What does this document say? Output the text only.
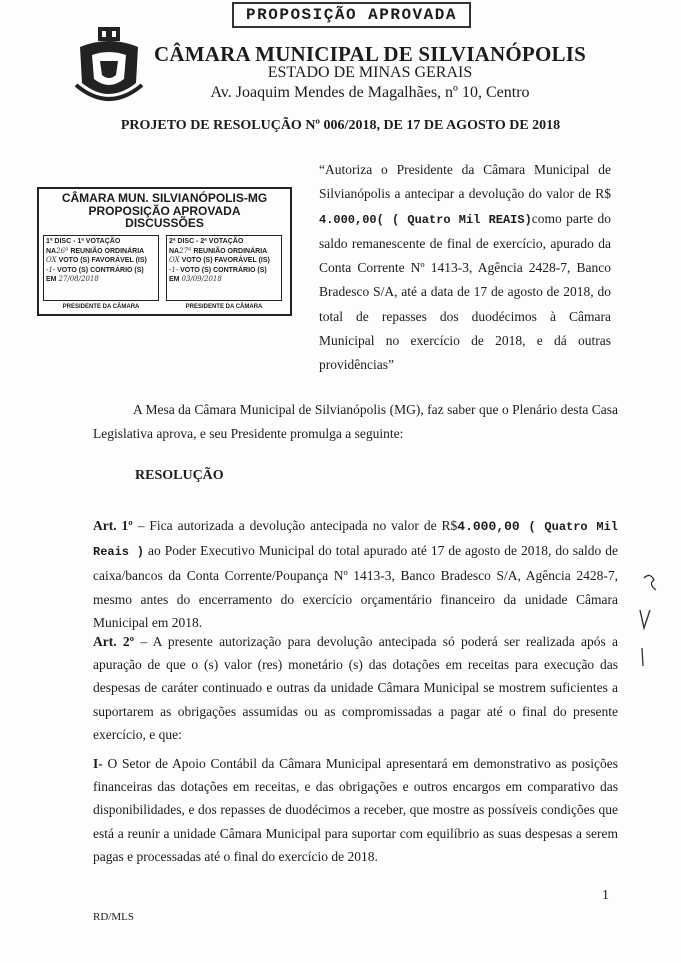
PROPOSIÇÃO APROVADA
CÂMARA MUNICIPAL DE SILVIANÓPOLIS
ESTADO DE MINAS GERAIS
Av. Joaquim Mendes de Magalhães, nº 10, Centro
PROJETO DE RESOLUÇÃO Nº 006/2018, DE 17 DE AGOSTO DE 2018
“Autoriza o Presidente da Câmara Municipal de Silvianópolis a antecipar a devolução do valor de R$ 4.000,00( ( Quatro Mil REAIS)como parte do saldo remanescente de final de exercício, apurado da Conta Corrente Nº 1413-3, Agência 2428-7, Banco Bradesco S/A, até a data de 17 de agosto de 2018, do total de repasses dos duodécimos à Câmara Municipal no exercício de 2018, e dá outras providências”
CÂMARA MUN. SILVIANÓPOLIS-MG
PROPOSIÇÃO APROVADA
DISCUSSÕES
1ª DISC - 1ª VOTAÇÃO
NA26ª REUNIÃO ORDINÁRIA
OX VOTO (S) FAVORÁVEL (IS)
-1- VOTO (S) CONTRÁRIO (S)
EM 27/08/2018
PRESIDENTE DA CÂMARA
2ª DISC - 2ª VOTAÇÃO
NA27ª REUNIÃO ORDINÁRIA
OX VOTO (S) FAVORÁVEL (IS)
-1- VOTO (S) CONTRÁRIO (S)
EM 03/09/2018
PRESIDENTE DA CÂMARA
A Mesa da Câmara Municipal de Silvianópolis (MG), faz saber que o Plenário desta Casa Legislativa aprova, e seu Presidente promulga a seguinte:
RESOLUÇÃO
Art. 1º – Fica autorizada a devolução antecipada no valor de R$4.000,00 ( Quatro Mil Reais ) ao Poder Executivo Municipal do total apurado até 17 de agosto de 2018, do saldo de caixa/bancos da Conta Corrente/Poupança Nº 1413-3, Banco Bradesco S/A, Agência 2428-7, mesmo antes do encerramento do exercício orçamentário financeiro da unidade Câmara Municipal em 2018.
Art. 2º – A presente autorização para devolução antecipada só poderá ser realizada após a apuração de que o (s) valor (res) monetário (s) das dotações em receitas para execução das despesas de caráter continuado e outras da unidade Câmara Municipal se mostrem suficientes a suportarem as obrigações assumidas ou as compromissadas a pagar até o final do presente exercício, e que:
I- O Setor de Apoio Contábil da Câmara Municipal apresentará em demonstrativo as posições financeiras das dotações em receitas, e das obrigações e outros encargos em comparativo das disponibilidades, e dos repasses de duodécimos a receber, que mostre as possíveis condições que está a reunir a unidade Câmara Municipal para suportar com equilíbrio as suas despesas a serem pagas e processadas até o final do exercício de 2018.
1
RD/MLS
